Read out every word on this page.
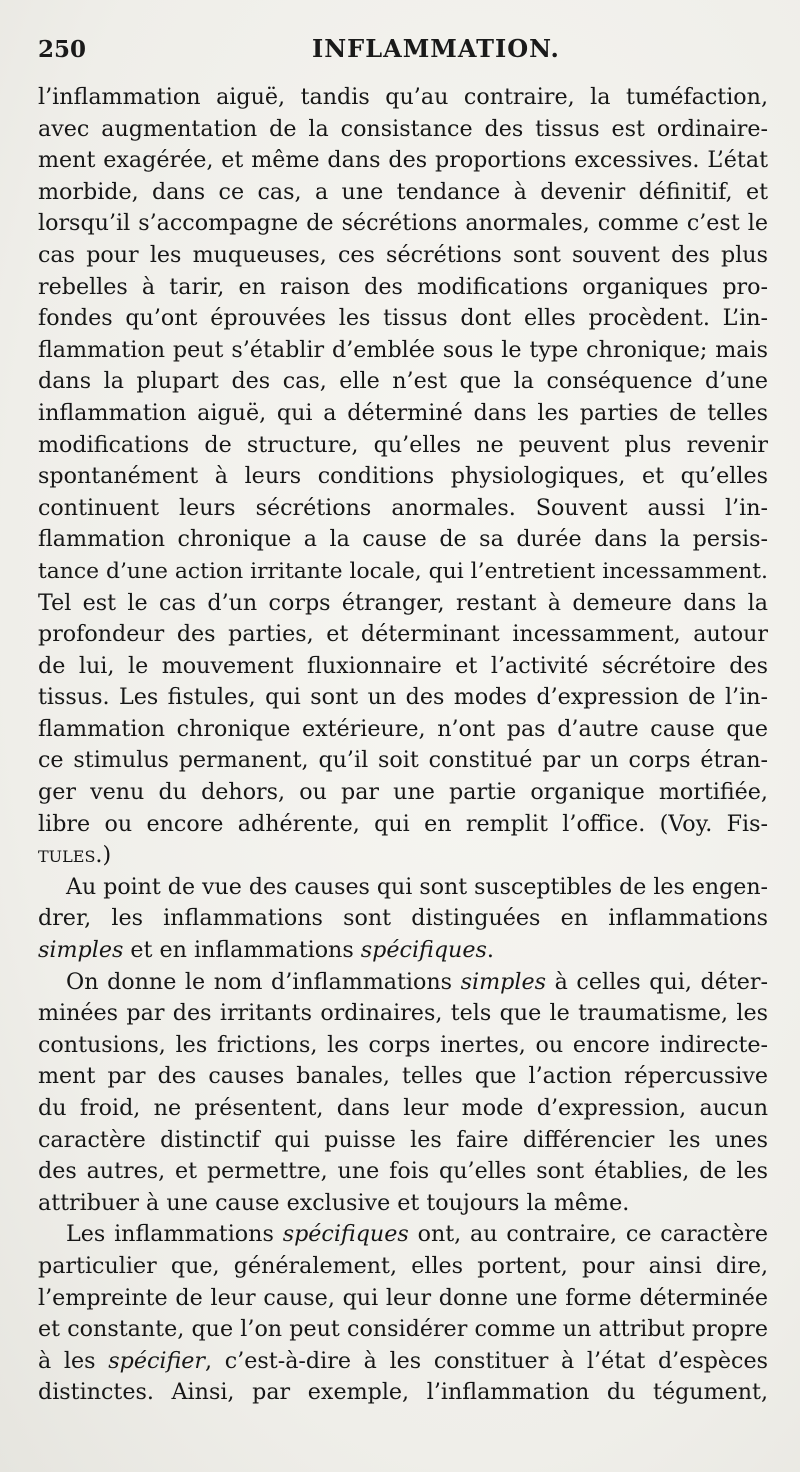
250	INFLAMMATION.
l’inflammation aiguë, tandis qu’au contraire, la tuméfaction,
avec augmentation de la consistance des tissus est ordinaire-
ment exagérée, et même dans des proportions excessives. L’état
morbide, dans ce cas, a une tendance à devenir définitif, et
lorsqu’il s’accompagne de sécrétions anormales, comme c’est le
cas pour les muqueuses, ces sécrétions sont souvent des plus
rebelles à tarir, en raison des modifications organiques pro-
fondes qu’ont éprouvées les tissus dont elles procèdent. L’in-
flammation peut s’établir d’emblée sous le type chronique; mais
dans la plupart des cas, elle n’est que la conséquence d’une
inflammation aiguë, qui a déterminé dans les parties de telles
modifications de structure, qu’elles ne peuvent plus revenir
spontanément à leurs conditions physiologiques, et qu’elles
continuent leurs sécrétions anormales. Souvent aussi l’in-
flammation chronique a la cause de sa durée dans la persis-
tance d’une action irritante locale, qui l’entretient incessamment.
Tel est le cas d’un corps étranger, restant à demeure dans la
profondeur des parties, et déterminant incessamment, autour
de lui, le mouvement fluxionnaire et l’activité sécrétoire des
tissus. Les fistules, qui sont un des modes d’expression de l’in-
flammation chronique extérieure, n’ont pas d’autre cause que
ce stimulus permanent, qu’il soit constitué par un corps étran-
ger venu du dehors, ou par une partie organique mortifiée,
libre ou encore adhérente, qui en remplit l’office. (Voy. Fis-
tules.)
Au point de vue des causes qui sont susceptibles de les engen-
drer, les inflammations sont distinguées en inflammations
simples et en inflammations spécifiques.
On donne le nom d’inflammations simples à celles qui, déter-
minées par des irritants ordinaires, tels que le traumatisme, les
contusions, les frictions, les corps inertes, ou encore indirecte-
ment par des causes banales, telles que l’action répercussive
du froid, ne présentent, dans leur mode d’expression, aucun
caractère distinctif qui puisse les faire différencier les unes
des autres, et permettre, une fois qu’elles sont établies, de les
attribuer à une cause exclusive et toujours la même.
Les inflammations spécifiques ont, au contraire, ce caractère
particulier que, généralement, elles portent, pour ainsi dire,
l’empreinte de leur cause, qui leur donne une forme déterminée
et constante, que l’on peut considérer comme un attribut propre
à les spécifier, c’est-à-dire à les constituer à l’état d’espèces
distinctes. Ainsi, par exemple, l’inflammation du tégument,
